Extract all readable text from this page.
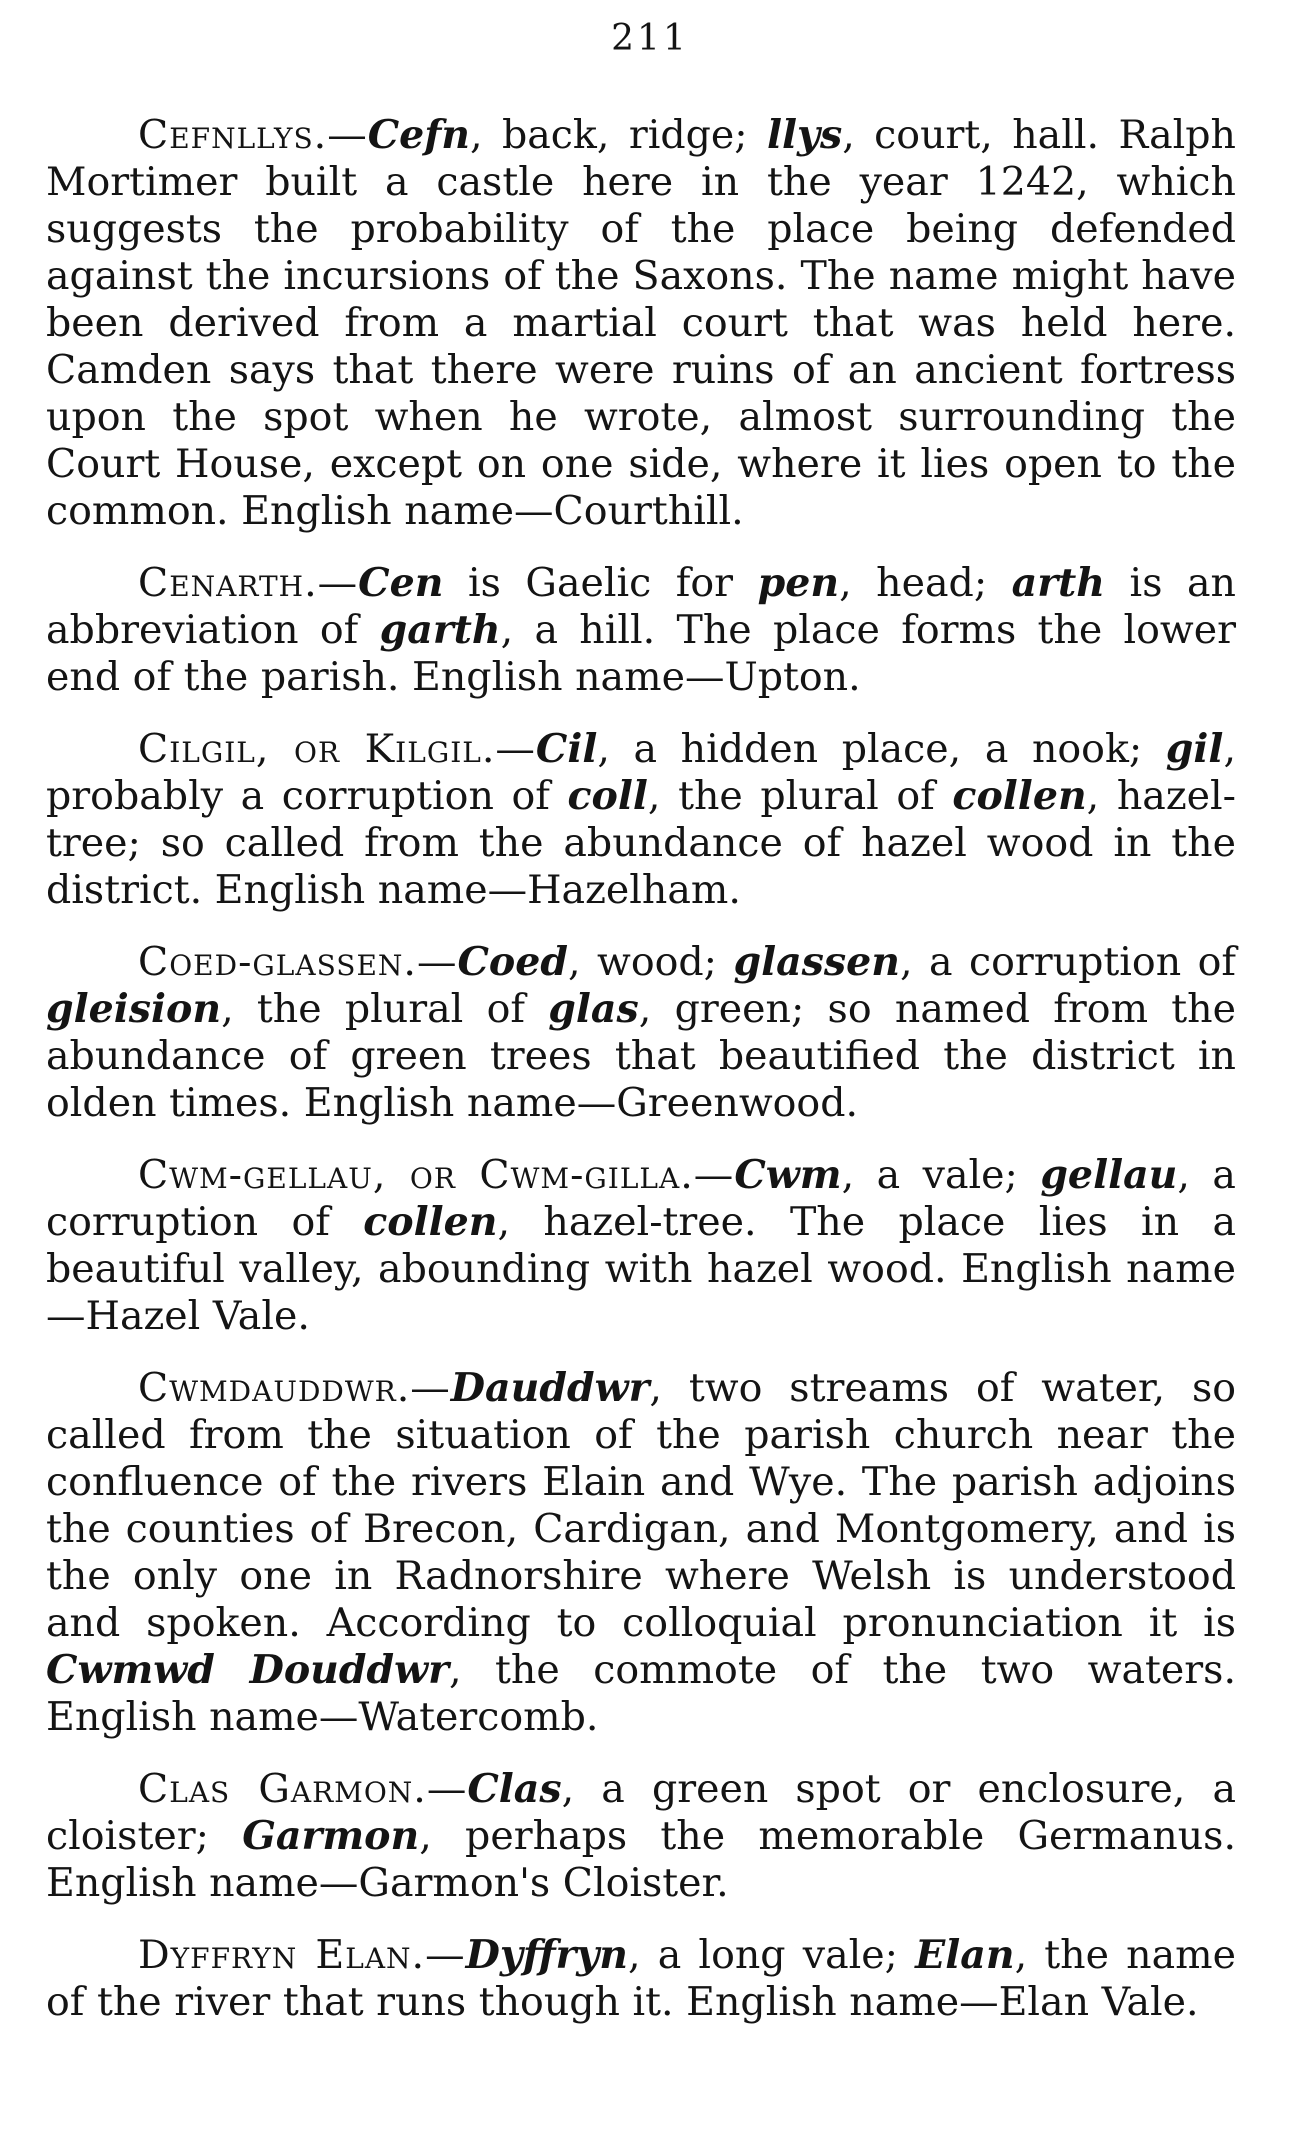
211

Cefnllys.—Cefn, back, ridge; llys, court, hall. Ralph Mortimer built a castle here in the year 1242, which suggests the probability of the place being defended against the incursions of the Saxons. The name might have been derived from a martial court that was held here. Camden says that there were ruins of an ancient fortress upon the spot when he wrote, almost surrounding the Court House, except on one side, where it lies open to the common. English name—Courthill.

Cenarth.—Cen is Gaelic for pen, head; arth is an abbreviation of garth, a hill. The place forms the lower end of the parish. English name—Upton.

Cilgil, or Kilgil.—Cil, a hidden place, a nook; gil, probably a corruption of coll, the plural of collen, hazel-tree; so called from the abundance of hazel wood in the district. English name—Hazelham.

Coed-glassen.—Coed, wood; glassen, a corruption of gleision, the plural of glas, green; so named from the abundance of green trees that beautified the district in olden times. English name—Greenwood.

Cwm-gellau, or Cwm-gilla.—Cwm, a vale; gellau, a corruption of collen, hazel-tree. The place lies in a beautiful valley, abounding with hazel wood. English name—Hazel Vale.

Cwmdauddwr.—Dauddwr, two streams of water, so called from the situation of the parish church near the confluence of the rivers Elain and Wye. The parish adjoins the counties of Brecon, Cardigan, and Montgomery, and is the only one in Radnorshire where Welsh is understood and spoken. According to colloquial pronunciation it is Cwmwd Douddwr, the commote of the two waters. English name—Watercomb.

Clas Garmon.—Clas, a green spot or enclosure, a cloister; Garmon, perhaps the memorable Germanus. English name—Garmon's Cloister.

Dyffryn Elan.—Dyffryn, a long vale; Elan, the name of the river that runs though it. English name—Elan Vale.
